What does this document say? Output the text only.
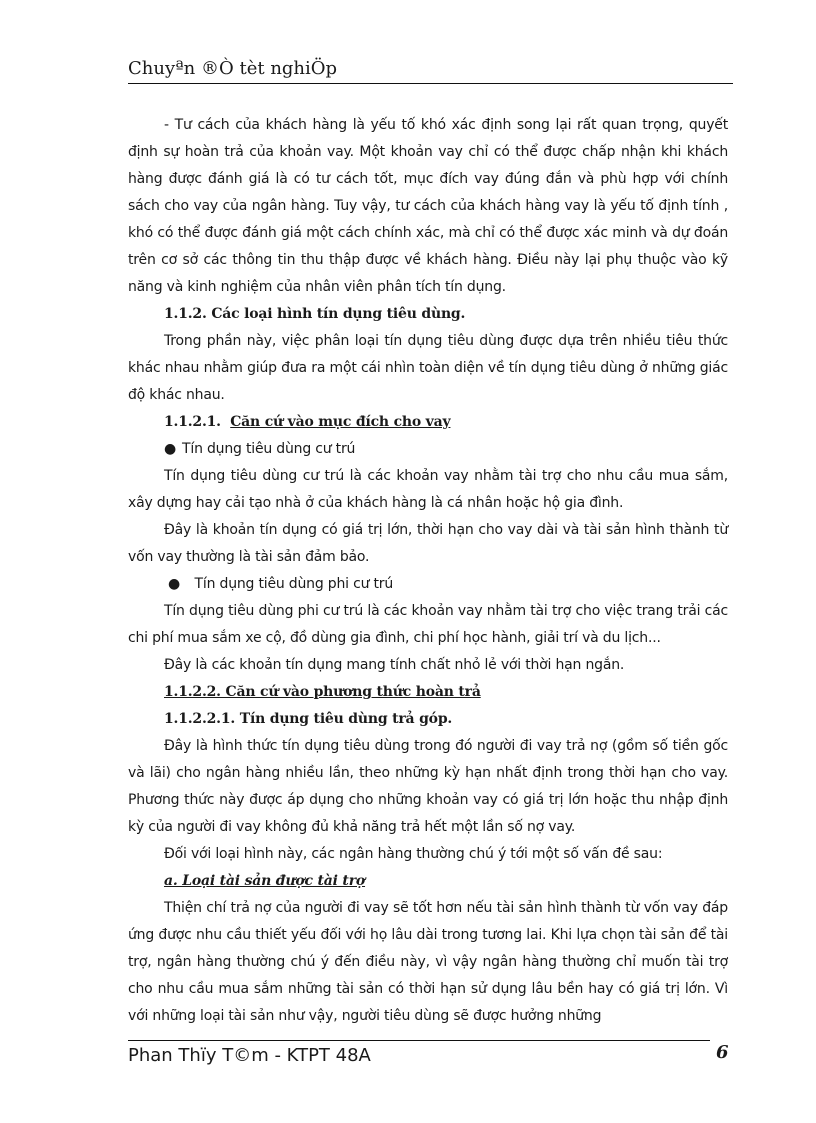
Chuyªn ®Ò tèt nghiÖp

- Tư cách của khách hàng là yếu tố khó xác định song lại rất quan trọng, quyết định sự hoàn trả của khoản vay. Một khoản vay chỉ có thể được chấp nhận khi khách hàng được đánh giá là có tư cách tốt, mục đích vay đúng đắn và phù hợp với chính sách cho vay của ngân hàng. Tuy vậy, tư cách của khách hàng vay là yếu tố định tính , khó có thể được đánh giá một cách chính xác, mà chỉ có thể được xác minh và dự đoán trên cơ sở các thông tin thu thập được về khách hàng. Điều này lại phụ thuộc vào kỹ năng và kinh nghiệm của nhân viên phân tích tín dụng.

1.1.2. Các loại hình tín dụng tiêu dùng.

Trong phần này, việc phân loại tín dụng tiêu dùng được dựa trên nhiều tiêu thức khác nhau nhằm giúp đưa ra một cái nhìn toàn diện về tín dụng tiêu dùng ở những giác độ khác nhau.

1.1.2.1. Căn cứ vào mục đích cho vay

● Tín dụng tiêu dùng cư trú

Tín dụng tiêu dùng cư trú là các khoản vay nhằm tài trợ cho nhu cầu mua sắm, xây dựng hay cải tạo nhà ở của khách hàng là cá nhân hoặc hộ gia đình.

Đây là khoản tín dụng có giá trị lớn, thời hạn cho vay dài và tài sản hình thành từ vốn vay thường là tài sản đảm bảo.

● Tín dụng tiêu dùng phi cư trú

Tín dụng tiêu dùng phi cư trú là các khoản vay nhằm tài trợ cho việc trang trải các chi phí mua sắm xe cộ, đồ dùng gia đình, chi phí học hành, giải trí và du lịch...

Đây là các khoản tín dụng mang tính chất nhỏ lẻ với thời hạn ngắn.

1.1.2.2. Căn cứ vào phương thức hoàn trả

1.1.2.2.1. Tín dụng tiêu dùng trả góp.

Đây là hình thức tín dụng tiêu dùng trong đó người đi vay trả nợ (gồm số tiền gốc và lãi) cho ngân hàng nhiều lần, theo những kỳ hạn nhất định trong thời hạn cho vay. Phương thức này được áp dụng cho những khoản vay có giá trị lớn hoặc thu nhập định kỳ của người đi vay không đủ khả năng trả hết một lần số nợ vay.

Đối với loại hình này, các ngân hàng thường chú ý tới một số vấn đề sau:

a. Loại tài sản được tài trợ

Thiện chí trả nợ của người đi vay sẽ tốt hơn nếu tài sản hình thành từ vốn vay đáp ứng được nhu cầu thiết yếu đối với họ lâu dài trong tương lai. Khi lựa chọn tài sản để tài trợ, ngân hàng thường chú ý đến điều này, vì vậy ngân hàng thường chỉ muốn tài trợ cho nhu cầu mua sắm những tài sản có thời hạn sử dụng lâu bền hay có giá trị lớn. Vì với những loại tài sản như vậy, người tiêu dùng sẽ được hưởng những

Phan Thïy T©m - KTPT 48A	6
